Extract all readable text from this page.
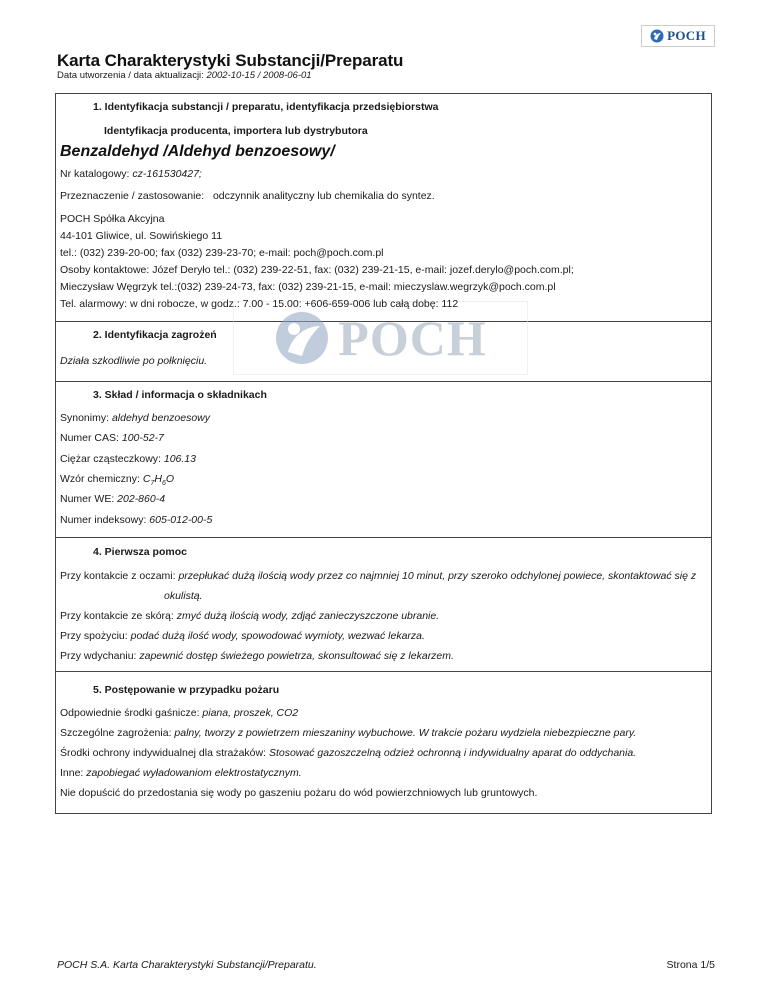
POCH
Karta Charakterystyki Substancji/Preparatu
Data utworzenia / data aktualizacji: 2002-10-15 / 2008-06-01
POCH
1. Identyfikacja substancji / preparatu, identyfikacja przedsiębiorstwa
Identyfikacja producenta, importera lub dystrybutora
Benzaldehyd /Aldehyd benzoesowy/
Nr katalogowy: cz-161530427;
Przeznaczenie / zastosowanie: odczynnik analityczny lub chemikalia do syntez.
POCH Spółka Akcyjna
44-101 Gliwice, ul. Sowińskiego 11
tel.: (032) 239-20-00; fax (032) 239-23-70; e-mail: poch@poch.com.pl
Osoby kontaktowe: Józef Deryło tel.: (032) 239-22-51, fax: (032) 239-21-15, e-mail: jozef.derylo@poch.com.pl;
Mieczysław Węgrzyk tel.:(032) 239-24-73, fax: (032) 239-21-15, e-mail: mieczyslaw.wegrzyk@poch.com.pl
Tel. alarmowy: w dni robocze, w godz.: 7.00 - 15.00: +606-659-006 lub całą dobę: 112
2. Identyfikacja zagrożeń
Działa szkodliwie po połknięciu.
3. Skład / informacja o składnikach
Synonimy: aldehyd benzoesowy
Numer CAS: 100-52-7
Ciężar cząsteczkowy: 106.13
Wzór chemiczny: $C_7H_6O$
Numer WE: 202-860-4
Numer indeksowy: 605-012-00-5
4. Pierwsza pomoc
Przy kontakcie z oczami: przepłukać dużą ilością wody przez co najmniej 10 minut, przy szeroko odchylonej powiece, skontaktować się z
okulistą.
Przy kontakcie ze skórą: zmyć dużą ilością wody, zdjąć zanieczyszczone ubranie.
Przy spożyciu: podać dużą ilość wody, spowodować wymioty, wezwać lekarza.
Przy wdychaniu: zapewnić dostęp świeżego powietrza, skonsultować się z lekarzem.
5. Postępowanie w przypadku pożaru
Odpowiednie środki gaśnicze: piana, proszek, CO2
Szczególne zagrożenia: palny, tworzy z powietrzem mieszaniny wybuchowe. W trakcie pożaru wydziela niebezpieczne pary.
Środki ochrony indywidualnej dla strażaków: Stosować gazoszczelną odzież ochronną i indywidualny aparat do oddychania.
Inne: zapobiegać wyładowaniom elektrostatycznym.
Nie dopuścić do przedostania się wody po gaszeniu pożaru do wód powierzchniowych lub gruntowych.
POCH S.A. Karta Charakterystyki Substancji/Preparatu.	Strona 1/5
